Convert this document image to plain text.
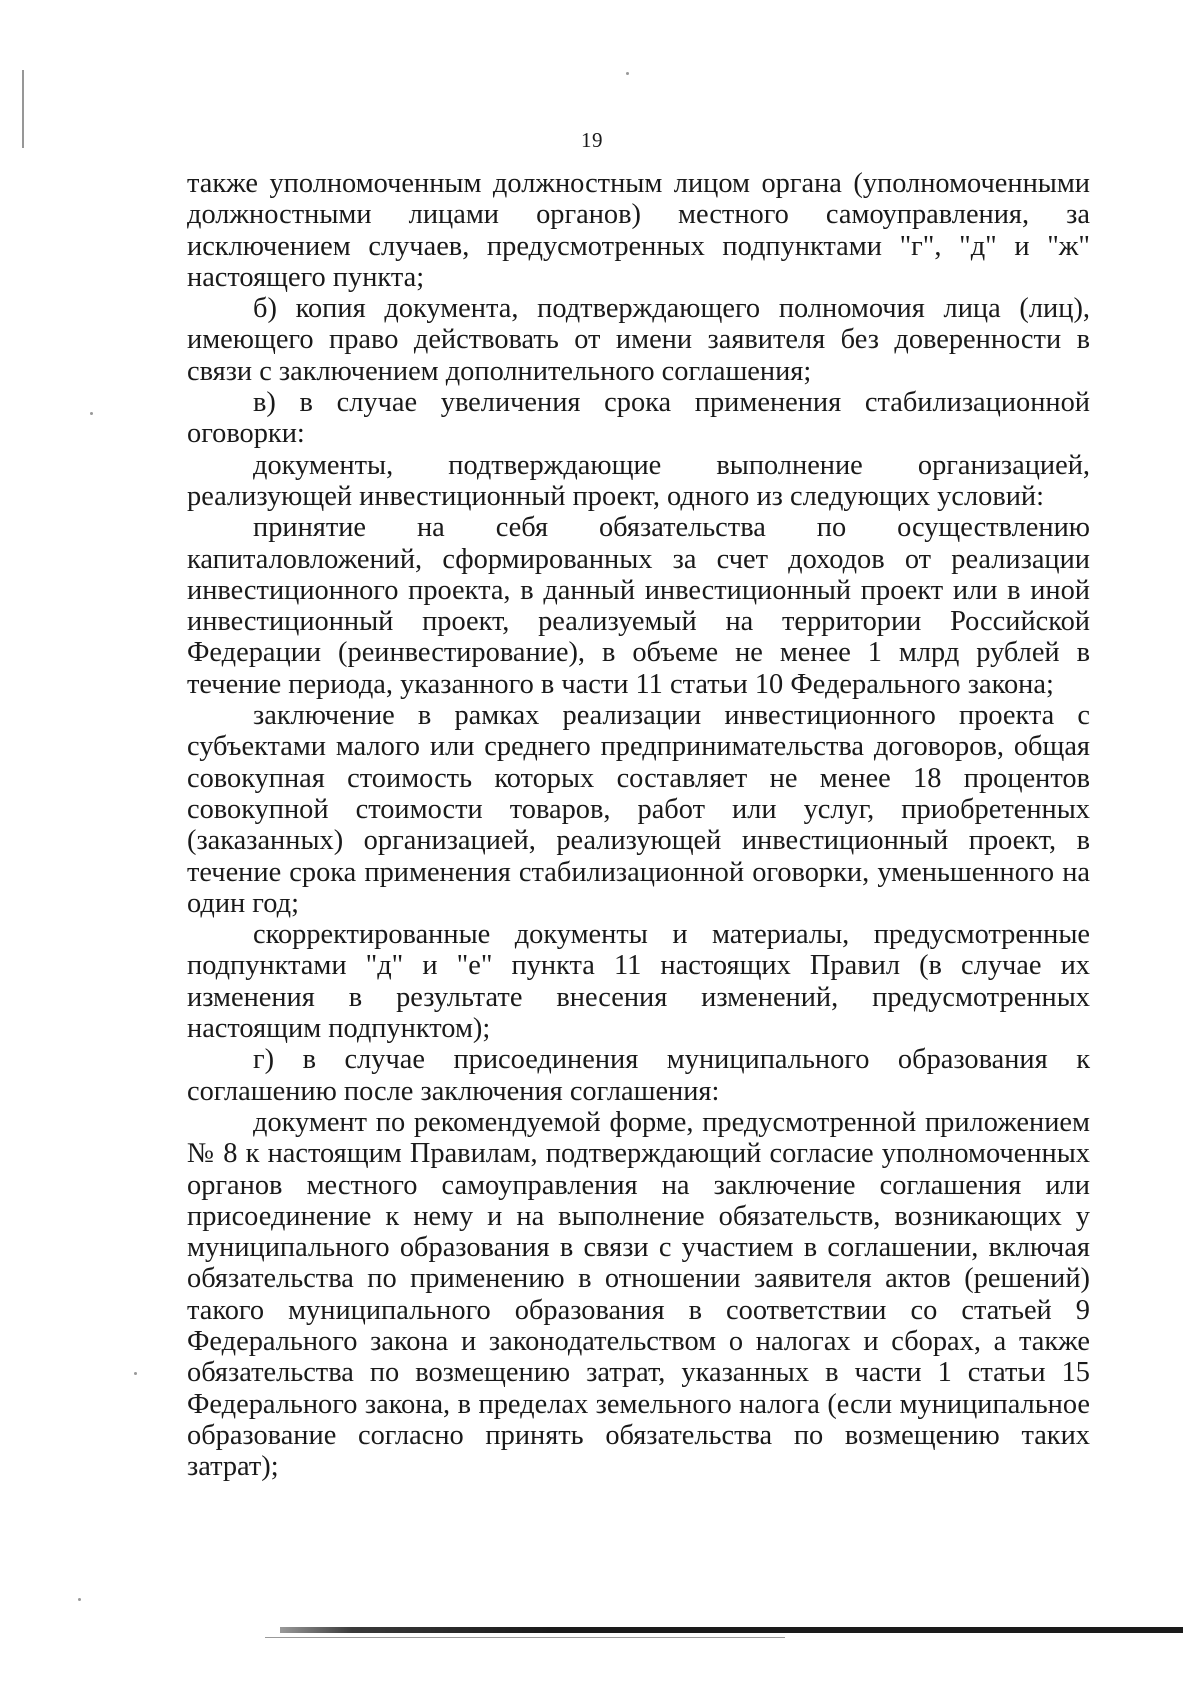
19

также уполномоченным должностным лицом органа (уполномоченными должностными лицами органов) местного самоуправления, за исключением случаев, предусмотренных подпунктами "г", "д" и "ж" настоящего пункта;

б) копия документа, подтверждающего полномочия лица (лиц), имеющего право действовать от имени заявителя без доверенности в связи с заключением дополнительного соглашения;

в) в случае увеличения срока применения стабилизационной оговорки:

документы, подтверждающие выполнение организацией, реализующей инвестиционный проект, одного из следующих условий:

принятие на себя обязательства по осуществлению капиталовложений, сформированных за счет доходов от реализации инвестиционного проекта, в данный инвестиционный проект или в иной инвестиционный проект, реализуемый на территории Российской Федерации (реинвестирование), в объеме не менее 1 млрд рублей в течение периода, указанного в части 11 статьи 10 Федерального закона;

заключение в рамках реализации инвестиционного проекта с субъектами малого или среднего предпринимательства договоров, общая совокупная стоимость которых составляет не менее 18 процентов совокупной стоимости товаров, работ или услуг, приобретенных (заказанных) организацией, реализующей инвестиционный проект, в течение срока применения стабилизационной оговорки, уменьшенного на один год;

скорректированные документы и материалы, предусмотренные подпунктами "д" и "е" пункта 11 настоящих Правил (в случае их изменения в результате внесения изменений, предусмотренных настоящим подпунктом);

г) в случае присоединения муниципального образования к соглашению после заключения соглашения:

документ по рекомендуемой форме, предусмотренной приложением № 8 к настоящим Правилам, подтверждающий согласие уполномоченных органов местного самоуправления на заключение соглашения или присоединение к нему и на выполнение обязательств, возникающих у муниципального образования в связи с участием в соглашении, включая обязательства по применению в отношении заявителя актов (решений) такого муниципального образования в соответствии со статьей 9 Федерального закона и законодательством о налогах и сборах, а также обязательства по возмещению затрат, указанных в части 1 статьи 15 Федерального закона, в пределах земельного налога (если муниципальное образование согласно принять обязательства по возмещению таких затрат);
